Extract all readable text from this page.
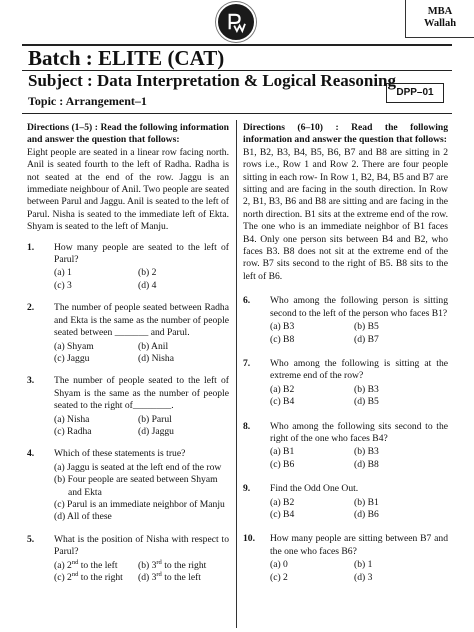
MBA
Wallah
Batch : ELITE (CAT)
Subject : Data Interpretation & Logical Reasoning
Topic : Arrangement–1
DPP–01
Directions (1–5) : Read the following information and answer the question that follows:
Eight people are seated in a linear row facing north. Anil is seated fourth to the left of Radha. Radha is not seated at the end of the row. Jaggu is an immediate neighbour of Anil. Two people are seated between Parul and Jaggu. Anil is seated to the left of Parul. Nisha is seated to the immediate left of Ekta. Shyam is seated to the left of Manju.
1.	How many people are seated to the left of Parul?
(a) 1	(b) 2
(c) 3	(d) 4
2.	The number of people seated between Radha and Ekta is the same as the number of people seated between _______ and Parul.
(a) Shyam	(b) Anil
(c) Jaggu	(d) Nisha
3.	The number of people seated to the left of Shyam is the same as the number of people seated to the right of________.
(a) Nisha	(b) Parul
(c) Radha	(d) Jaggu
4.	Which of these statements is true?
(a) Jaggu is seated at the left end of the row
(b) Four people are seated between Shyam and Ekta
(c) Parul is an immediate neighbor of Manju
(d) All of these
5.	What is the position of Nisha with respect to Parul?
(a) 2nd to the left	(b) 3rd to the right
(c) 2nd to the right	(d) 3rd to the left
Directions (6–10) : Read the following information and answer the question that follows:
B1, B2, B3, B4, B5, B6, B7 and B8 are sitting in 2 rows i.e., Row 1 and Row 2. There are four people sitting in each row- In Row 1, B2, B4, B5 and B7 are sitting and are facing in the south direction. In Row 2, B1, B3, B6 and B8 are sitting and are facing in the north direction. B1 sits at the extreme end of the row. The one who is an immediate neighbor of B1 faces B4. Only one person sits between B4 and B2, who faces B3. B8 does not sit at the extreme end of the row. B7 sits second to the right of B5. B8 sits to the left of B6.
6.	Who among the following person is sitting second to the left of the person who faces B1?
(a) B3	(b) B5
(c) B8	(d) B7
7.	Who among the following is sitting at the extreme end of the row?
(a) B2	(b) B3
(c) B4	(d) B5
8.	Who among the following sits second to the right of the one who faces B4?
(a) B1	(b) B3
(c) B6	(d) B8
9.	Find the Odd One Out.
(a) B2	(b) B1
(c) B4	(d) B6
10.	How many people are sitting between B7 and the one who faces B6?
(a) 0	(b) 1
(c) 2	(d) 3
